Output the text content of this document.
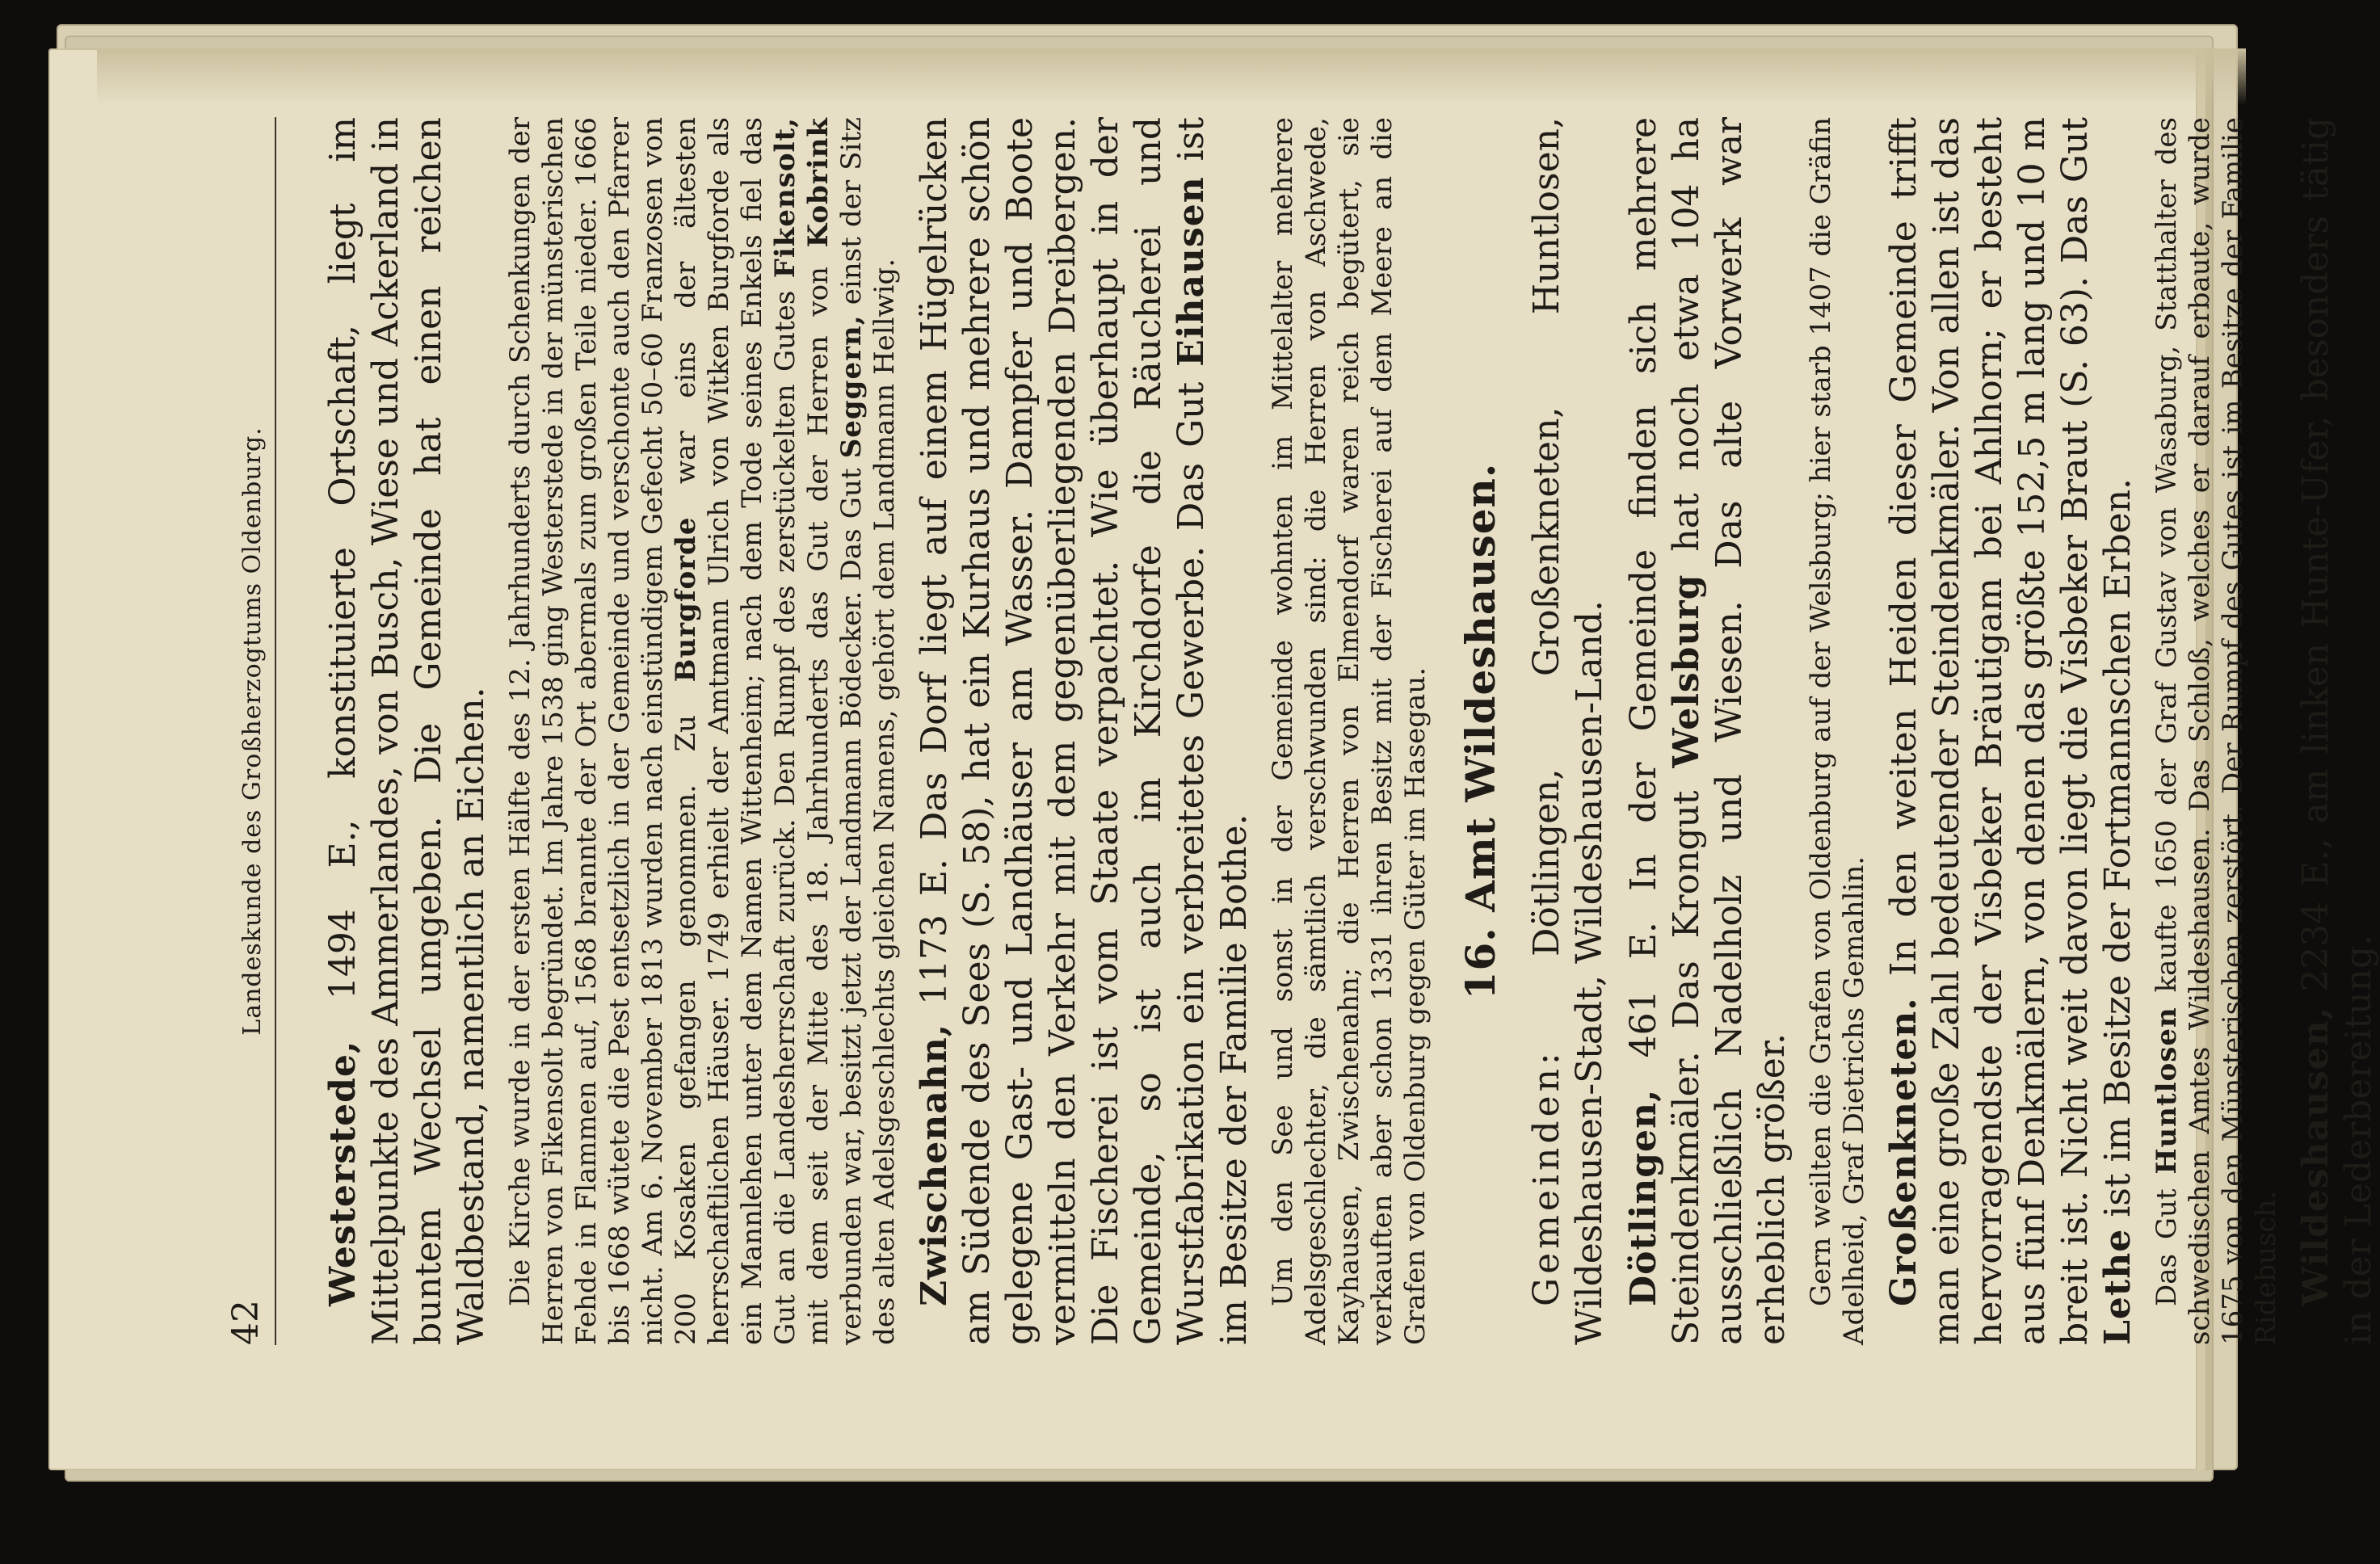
42
Landeskunde des Großherzogtums Oldenburg.

Westerstede, 1494 E., konstituierte Ortschaft, liegt im Mittelpunkte des Ammerlandes, von Busch, Wiese und Ackerland in buntem Wechsel umgeben. Die Gemeinde hat einen reichen Waldbestand, namentlich an Eichen. Die Kirche wurde in der ersten Hälfte des 12. Jahrhunderts durch Schenkungen der Herren von Fikensolt begründet. Im Jahre 1538 ging Westerstede in der münsterischen Fehde in Flammen auf, 1568 brannte der Ort abermals zum großen Teile nieder. 1666 bis 1668 wütete die Pest entsetzlich in der Gemeinde und verschonte auch den Pfarrer nicht. Am 6. November 1813 wurden nach einstündigem Gefecht 50–60 Franzosen von 200 Kosaken gefangen genommen. Zu Burgforde war eins der ältesten herrschaftlichen Häuser. 1749 erhielt der Amtmann Ulrich von Witken Burgforde als ein Mannlehen unter dem Namen Wittenheim; nach dem Tode seines Enkels fiel das Gut an die Landesherrschaft zurück. Den Rumpf des zerstückelten Gutes Fikensolt, mit dem seit der Mitte des 18. Jahrhunderts das Gut der Herren von Kobrink verbunden war, besitzt jetzt der Landmann Bödecker. Das Gut Seggern, einst der Sitz des alten Adelsgeschlechts gleichen Namens, gehört dem Landmann Hellwig. Zwischenahn, 1173 E. Das Dorf liegt auf einem Hügelrücken am Südende des Sees (S. 58), hat ein Kurhaus und mehrere schön gelegene Gast- und Landhäuser am Wasser. Dampfer und Boote vermitteln den Verkehr mit dem gegenüberliegenden Dreibergen. Die Fischerei ist vom Staate verpachtet. Wie überhaupt in der Gemeinde, so ist auch im Kirchdorfe die Räucherei und Wurstfabrikation ein verbreitetes Gewerbe. Das Gut Eihausen ist im Besitze der Familie Bothe. Um den See und sonst in der Gemeinde wohnten im Mittelalter mehrere Adelsgeschlechter, die sämtlich verschwunden sind: die Herren von Aschwede, Kayhausen, Zwischenahn; die Herren von Elmendorf waren reich begütert, sie verkauften aber schon 1331 ihren Besitz mit der Fischerei auf dem Meere an die Grafen von Oldenburg gegen Güter im Hasegau. 16. Amt Wildeshausen.

Gemeinden: Dötlingen, Großenkneten, Huntlosen, Wildeshausen-Stadt, Wildeshausen-Land. Dötlingen, 461 E. In der Gemeinde finden sich mehrere Steindenkmäler. Das Krongut Welsburg hat noch etwa 104 ha ausschließlich Nadelholz und Wiesen. Das alte Vorwerk war erheblich größer. Gern weilten die Grafen von Oldenburg auf der Welsburg; hier starb 1407 die Gräfin Adelheid, Graf Dietrichs Gemahlin. Großenkneten. In den weiten Heiden dieser Gemeinde trifft man eine große Zahl bedeutender Steindenkmäler. Von allen ist das hervorragendste der Visbeker Bräutigam bei Ahlhorn; er besteht aus fünf Denkmälern, von denen das größte 152,5 m lang und 10 m breit ist. Nicht weit davon liegt die Visbeker Braut (S. 63). Das Gut Lethe ist im Besitze der Fortmannschen Erben.

Das Gut Huntlosen kaufte 1650 der Graf Gustav von Wasaburg, Statthalter des schwedischen Amtes Wildeshausen. Das Schloß, welches er darauf erbaute, wurde 1675 von den Münsterischen zerstört. Der Rumpf des Gutes ist im Besitze der Familie Ridebusch. Wildeshausen, 2234 E., am linken Hunte-Ufer, besonders tätig in der Lederbereitung.
